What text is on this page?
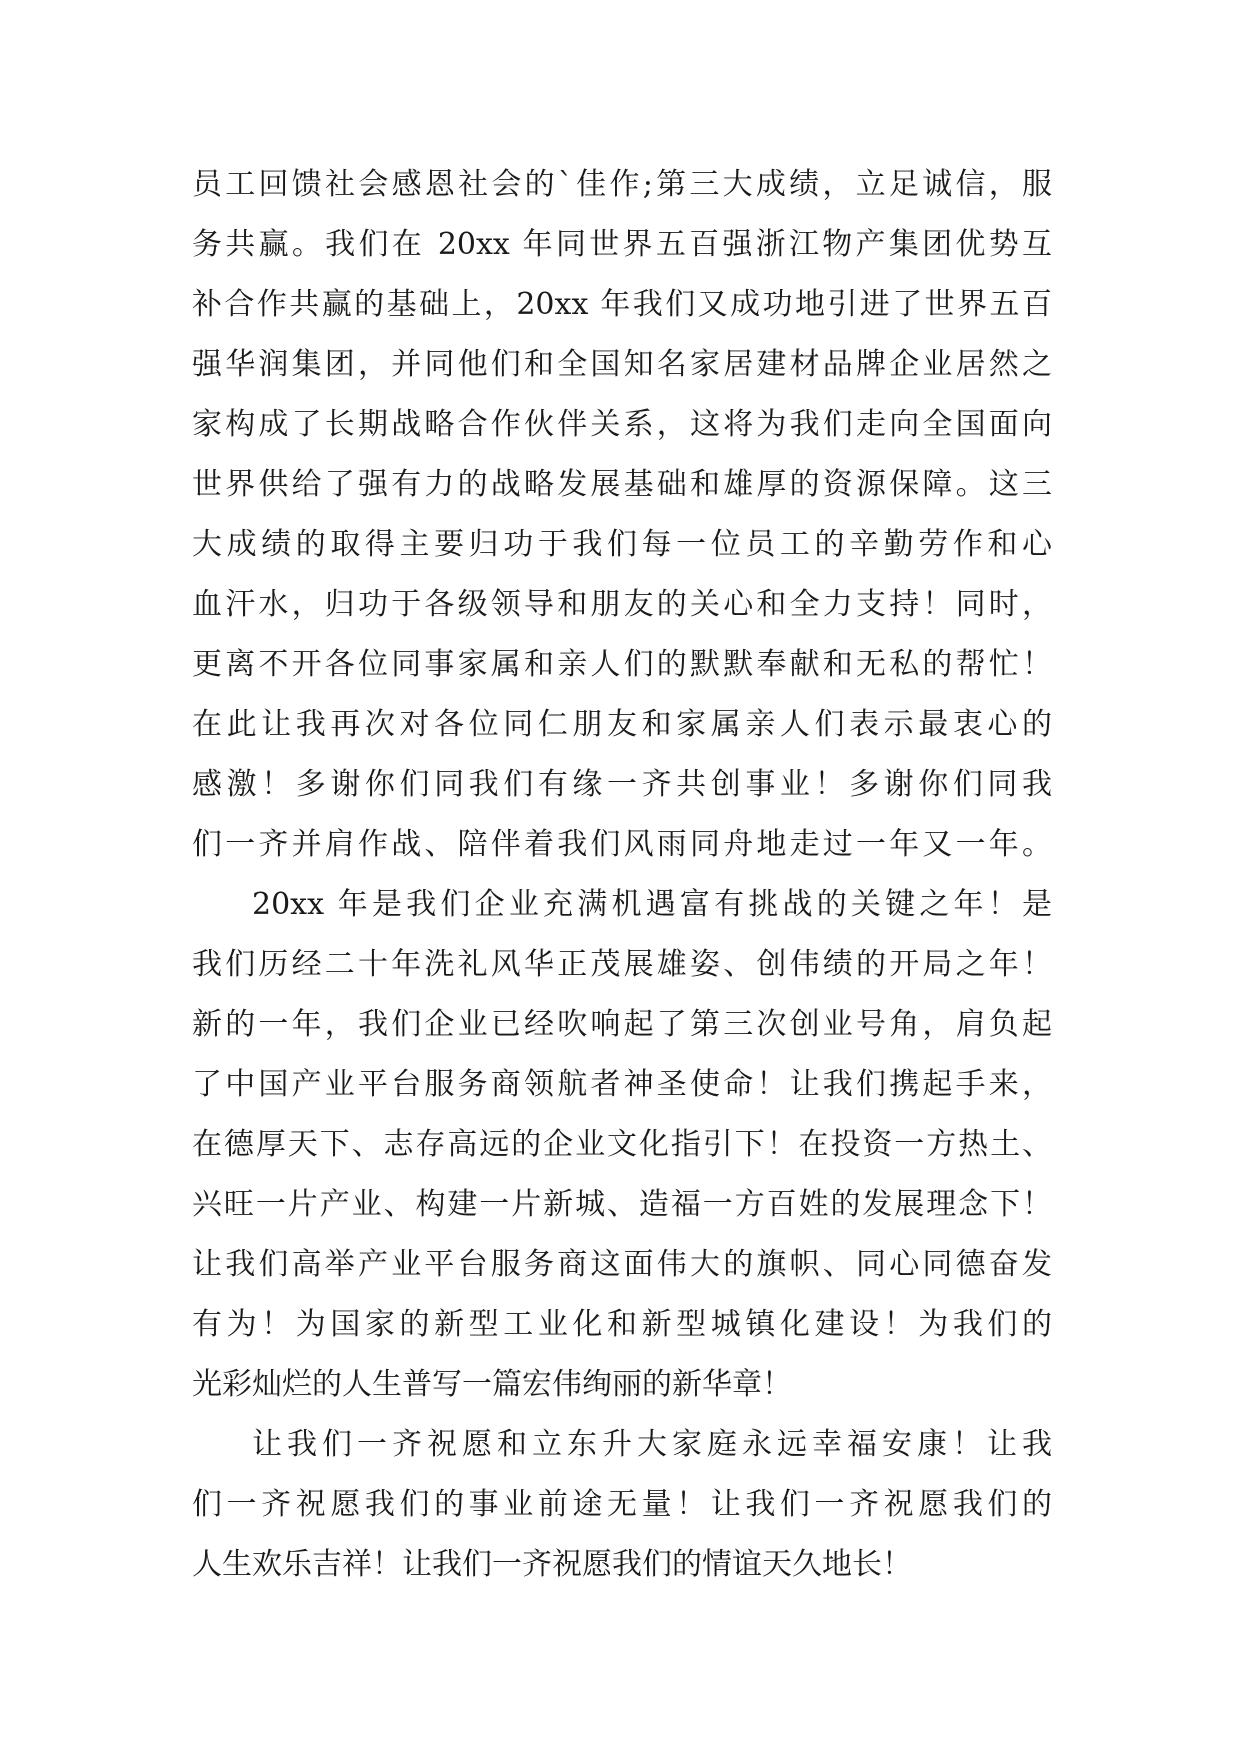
员工回馈社会感恩社会的`佳作;第三大成绩，立足诚信，服
务共赢。我们在 20xx 年同世界五百强浙江物产集团优势互
补合作共赢的基础上，20xx 年我们又成功地引进了世界五百
强华润集团，并同他们和全国知名家居建材品牌企业居然之
家构成了长期战略合作伙伴关系，这将为我们走向全国面向
世界供给了强有力的战略发展基础和雄厚的资源保障。这三
大成绩的取得主要归功于我们每一位员工的辛勤劳作和心
血汗水，归功于各级领导和朋友的关心和全力支持！同时，
更离不开各位同事家属和亲人们的默默奉献和无私的帮忙！
在此让我再次对各位同仁朋友和家属亲人们表示最衷心的
感激！多谢你们同我们有缘一齐共创事业！多谢你们同我
们一齐并肩作战、陪伴着我们风雨同舟地走过一年又一年。
20xx 年是我们企业充满机遇富有挑战的关键之年！是
我们历经二十年洗礼风华正茂展雄姿、创伟绩的开局之年！
新的一年，我们企业已经吹响起了第三次创业号角，肩负起
了中国产业平台服务商领航者神圣使命！让我们携起手来，
在德厚天下、志存高远的企业文化指引下！在投资一方热土、
兴旺一片产业、构建一片新城、造福一方百姓的发展理念下！
让我们高举产业平台服务商这面伟大的旗帜、同心同德奋发
有为！为国家的新型工业化和新型城镇化建设！为我们的
光彩灿烂的人生普写一篇宏伟绚丽的新华章！
让我们一齐祝愿和立东升大家庭永远幸福安康！让我
们一齐祝愿我们的事业前途无量！让我们一齐祝愿我们的
人生欢乐吉祥！让我们一齐祝愿我们的情谊天久地长！
